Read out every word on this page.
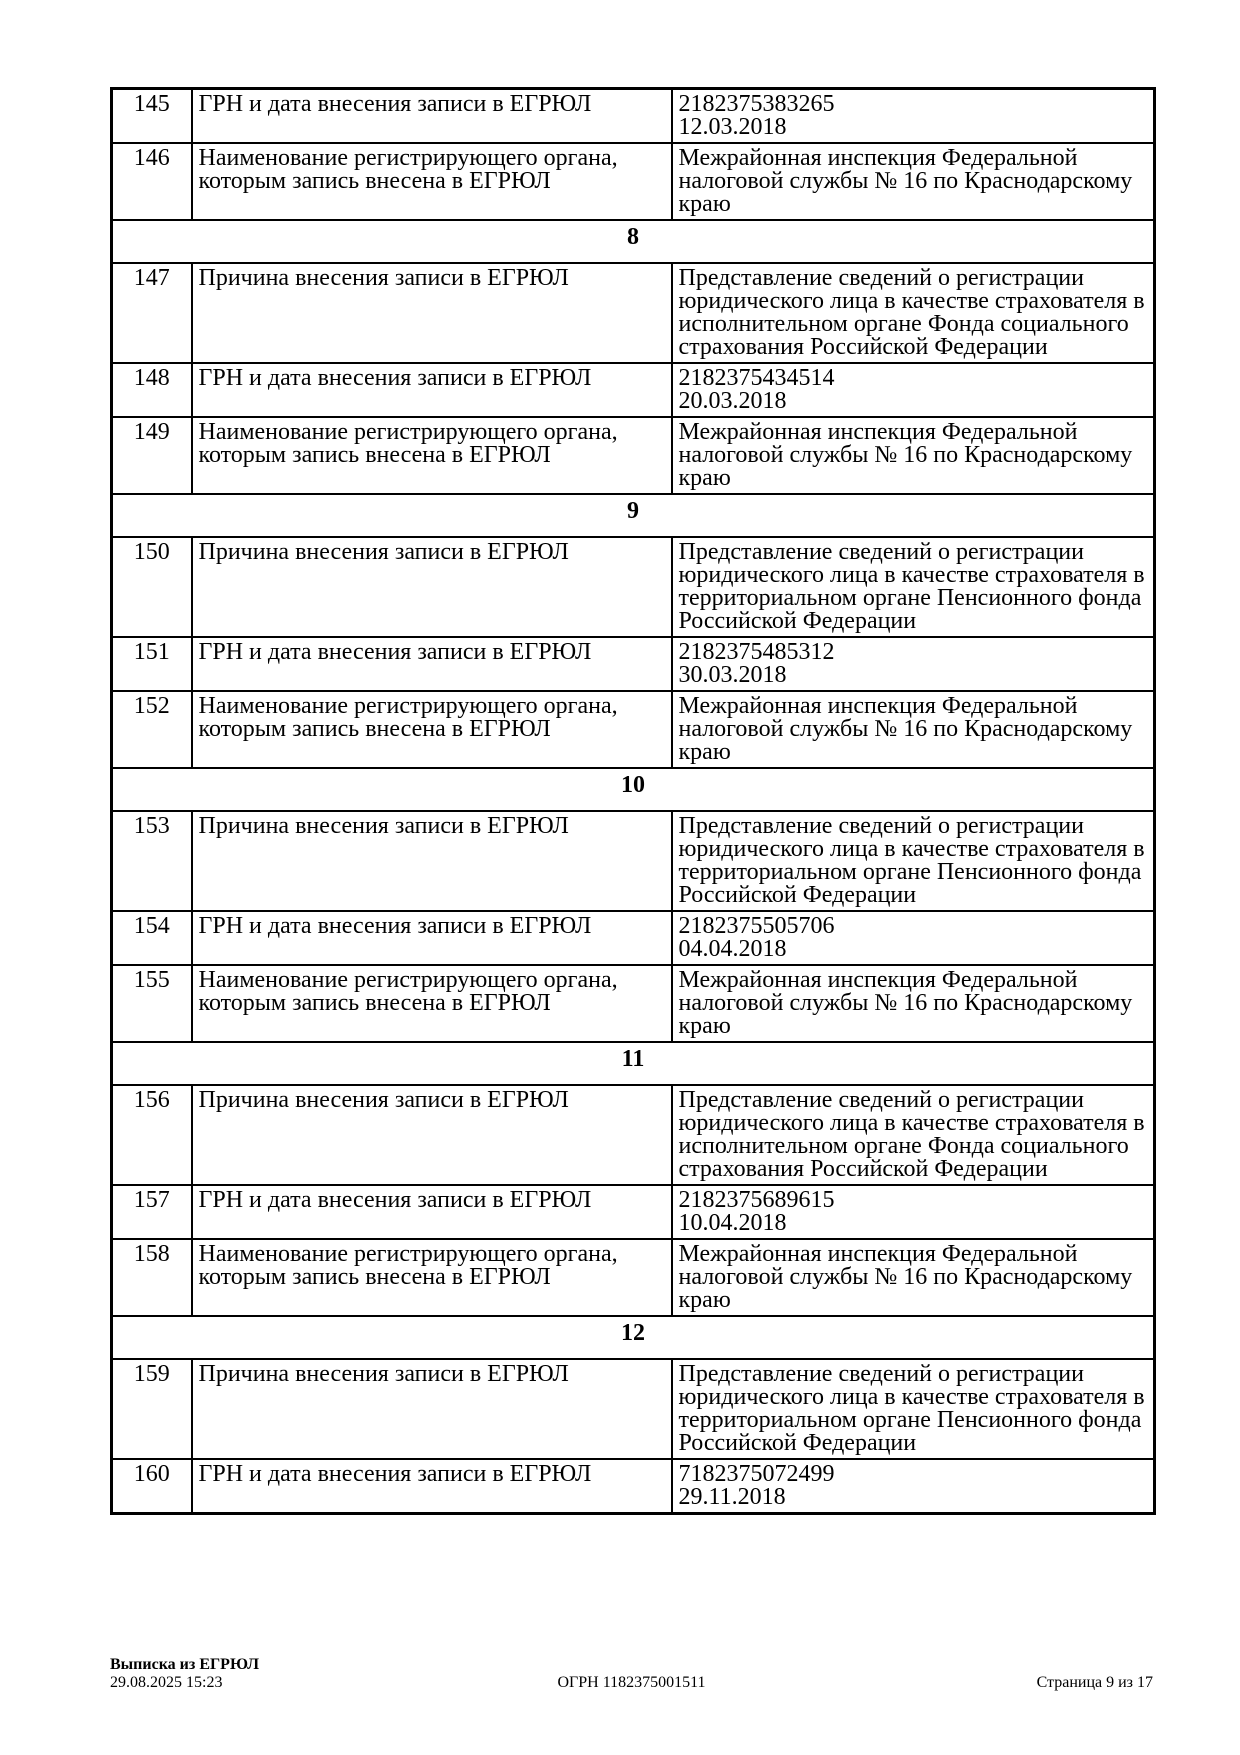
145	ГРН и дата внесения записи в ЕГРЮЛ	2182375383265
12.03.2018

146	Наименование регистрирующего органа, которым запись внесена в ЕГРЮЛ	Межрайонная инспекция Федеральной налоговой службы № 16 по Краснодарскому краю

8		
147	Причина внесения записи в ЕГРЮЛ	Представление сведений о регистрации юридического лица в качестве страхователя в исполнительном органе Фонда социального страхования Российской Федерации

148	ГРН и дата внесения записи в ЕГРЮЛ	2182375434514
20.03.2018

149	Наименование регистрирующего органа, которым запись внесена в ЕГРЮЛ	Межрайонная инспекция Федеральной налоговой службы № 16 по Краснодарскому краю

9		
150	Причина внесения записи в ЕГРЮЛ	Представление сведений о регистрации юридического лица в качестве страхователя в территориальном органе Пенсионного фонда Российской Федерации

151	ГРН и дата внесения записи в ЕГРЮЛ	2182375485312
30.03.2018

152	Наименование регистрирующего органа, которым запись внесена в ЕГРЮЛ	Межрайонная инспекция Федеральной налоговой службы № 16 по Краснодарскому краю

10		
153	Причина внесения записи в ЕГРЮЛ	Представление сведений о регистрации юридического лица в качестве страхователя в территориальном органе Пенсионного фонда Российской Федерации

154	ГРН и дата внесения записи в ЕГРЮЛ	2182375505706
04.04.2018

155	Наименование регистрирующего органа, которым запись внесена в ЕГРЮЛ	Межрайонная инспекция Федеральной налоговой службы № 16 по Краснодарскому краю

11		
156	Причина внесения записи в ЕГРЮЛ	Представление сведений о регистрации юридического лица в качестве страхователя в исполнительном органе Фонда социального страхования Российской Федерации

157	ГРН и дата внесения записи в ЕГРЮЛ	2182375689615
10.04.2018

158	Наименование регистрирующего органа, которым запись внесена в ЕГРЮЛ	Межрайонная инспекция Федеральной налоговой службы № 16 по Краснодарскому краю

12		
159	Причина внесения записи в ЕГРЮЛ	Представление сведений о регистрации юридического лица в качестве страхователя в территориальном органе Пенсионного фонда Российской Федерации

160	ГРН и дата внесения записи в ЕГРЮЛ	7182375072499
29.11.2018
Выписка из ЕГРЮЛ
29.08.2025 15:23	ОГРН 1182375001511	Страница 9 из 17
